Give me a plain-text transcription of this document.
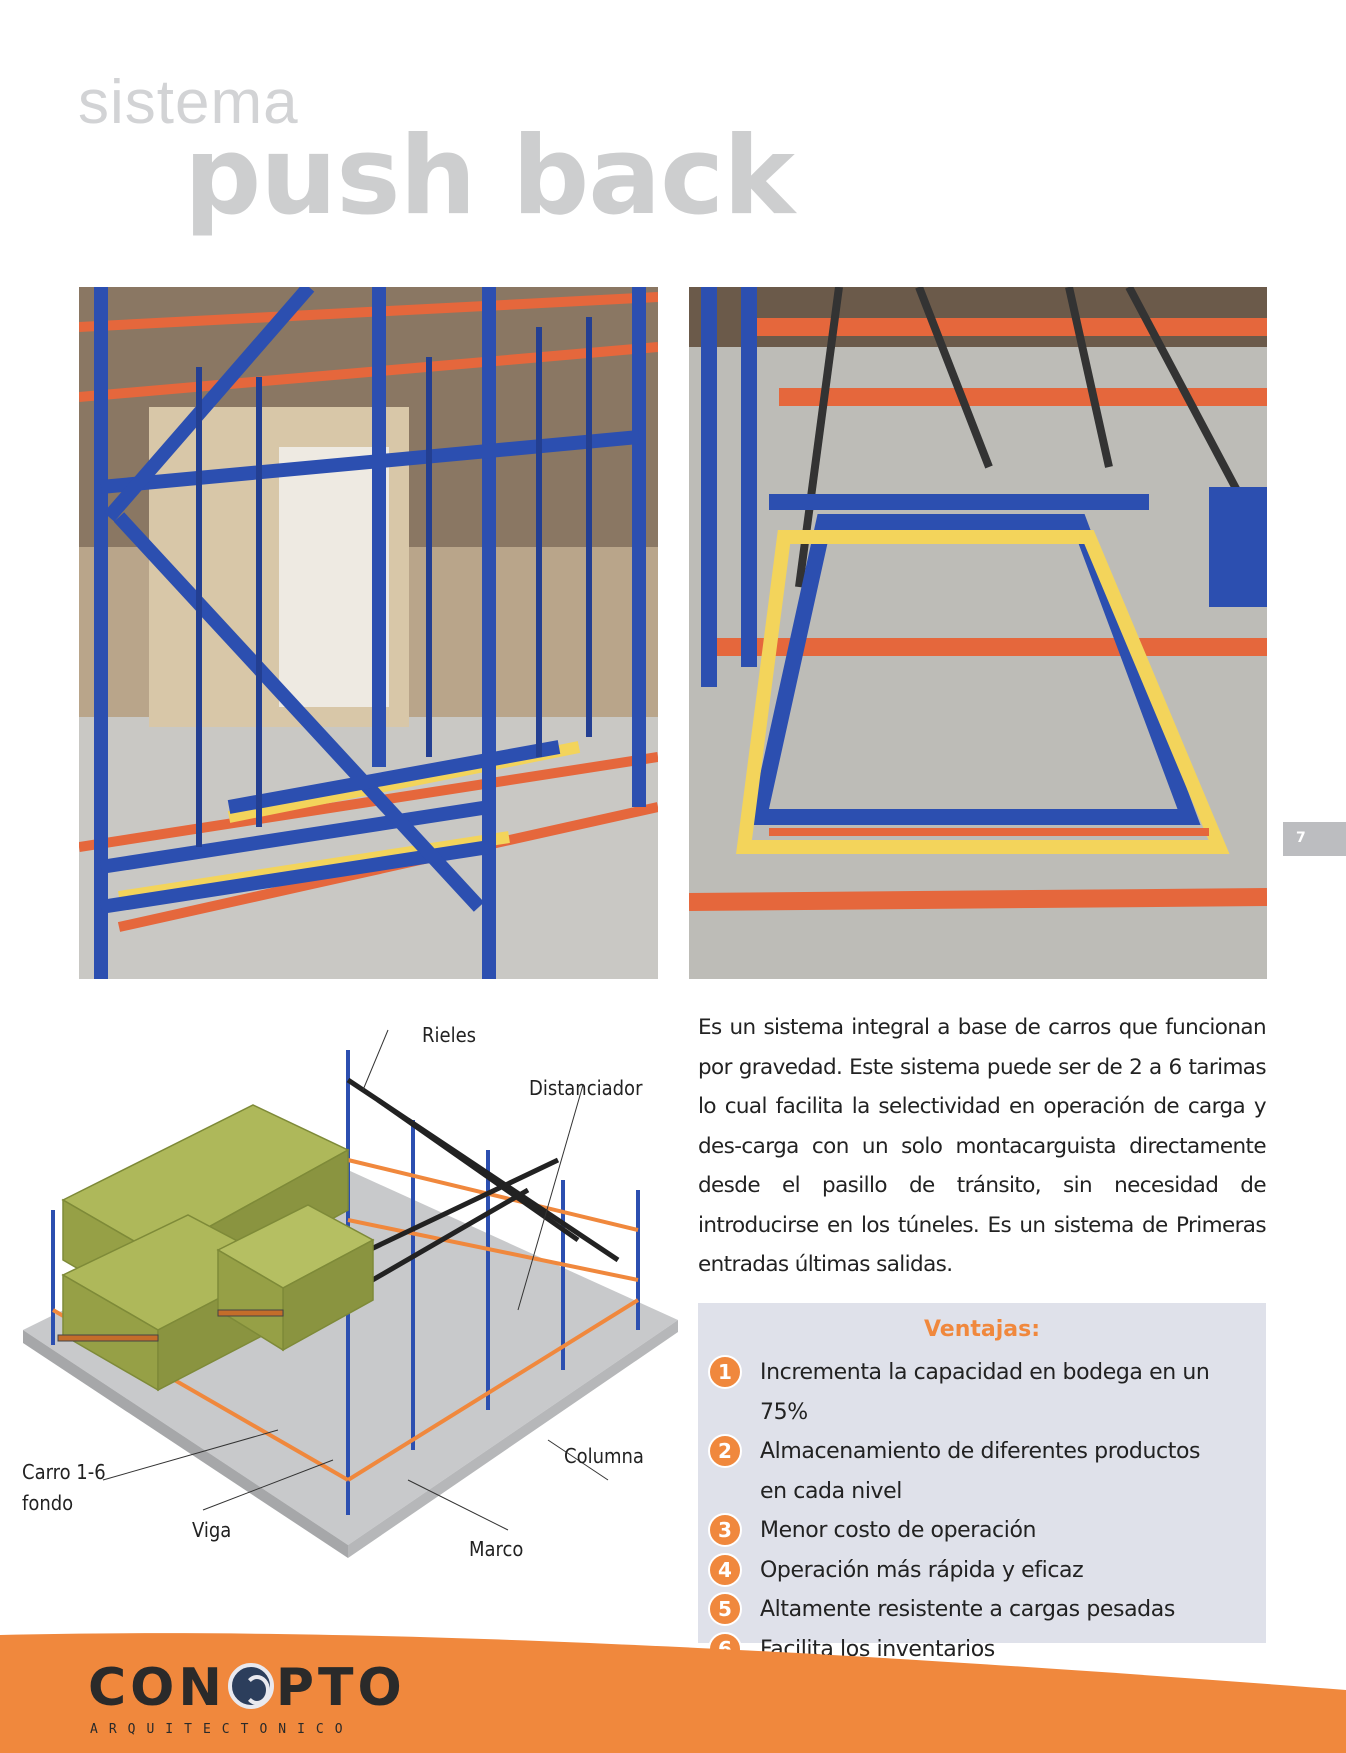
sistema
push back
7
Rieles
Distanciador
Carro 1-6
fondo
Viga
Columna
Marco

Es un sistema integral a base de carros que funcionan por gravedad. Este sistema puede ser de 2 a 6 tarimas lo cual facilita la selectividad en operación de carga y des-carga con un solo montacarguista directamente desde el pasillo de tránsito, sin necesidad de introducirse en los túneles. Es un sistema de Primeras entradas últimas salidas.

Ventajas:
1	Incrementa la capacidad en bodega en un 75%
2	Almacenamiento de diferentes productos en cada nivel
3	Menor costo de operación
4	Operación más rápida y eficaz
5	Altamente resistente a cargas pesadas
6	Facilita los inventarios
CON PTO
ARQUITECTONICO
